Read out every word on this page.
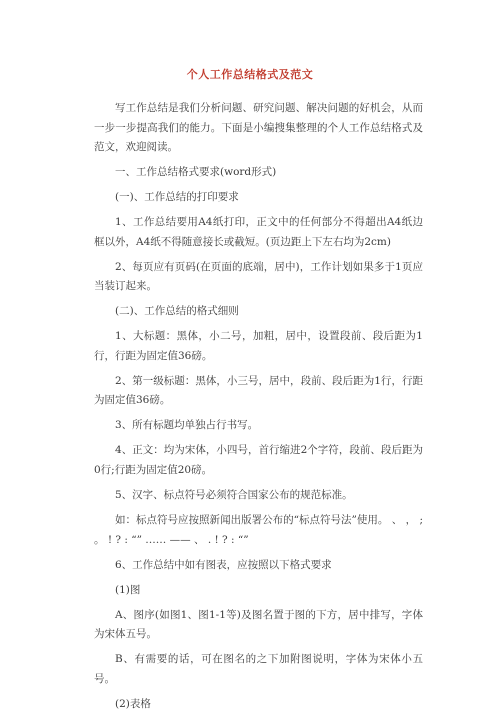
个人工作总结格式及范文

写工作总结是我们分析问题、研究问题、解决问题的好机会，从而一步一步提高我们的能力。下面是小编搜集整理的个人工作总结格式及范文，欢迎阅读。

一、工作总结格式要求(word形式)

(一)、工作总结的打印要求

1、工作总结要用A4纸打印，正文中的任何部分不得超出A4纸边框以外，A4纸不得随意接长或截短。(页边距上下左右均为2cm)

2、每页应有页码(在页面的底端，居中)，工作计划如果多于1页应当装订起来。

(二)、工作总结的格式细则

1、大标题：黑体，小二号，加粗，居中，设置段前、段后距为1行，行距为固定值36磅。

2、第一级标题：黑体，小三号，居中，段前、段后距为1行，行距为固定值36磅。

3、所有标题均单独占行书写。

4、正文：均为宋体，小四号，首行缩进2个字符，段前、段后距为0行;行距为固定值20磅。

5、汉字、标点符号必须符合国家公布的规范标准。

如：标点符号应按照新闻出版署公布的“标点符号法”使用。 、 ， ; 。 ! ? : “” …… —— 、 . ! ? : “”

6、工作总结中如有图表，应按照以下格式要求

(1)图

A、图序(如图1、图1-1等)及图名置于图的下方，居中排写，字体为宋体五号。

B、有需要的话，可在图名的之下加附图说明，字体为宋体小五号。

(2)表格
